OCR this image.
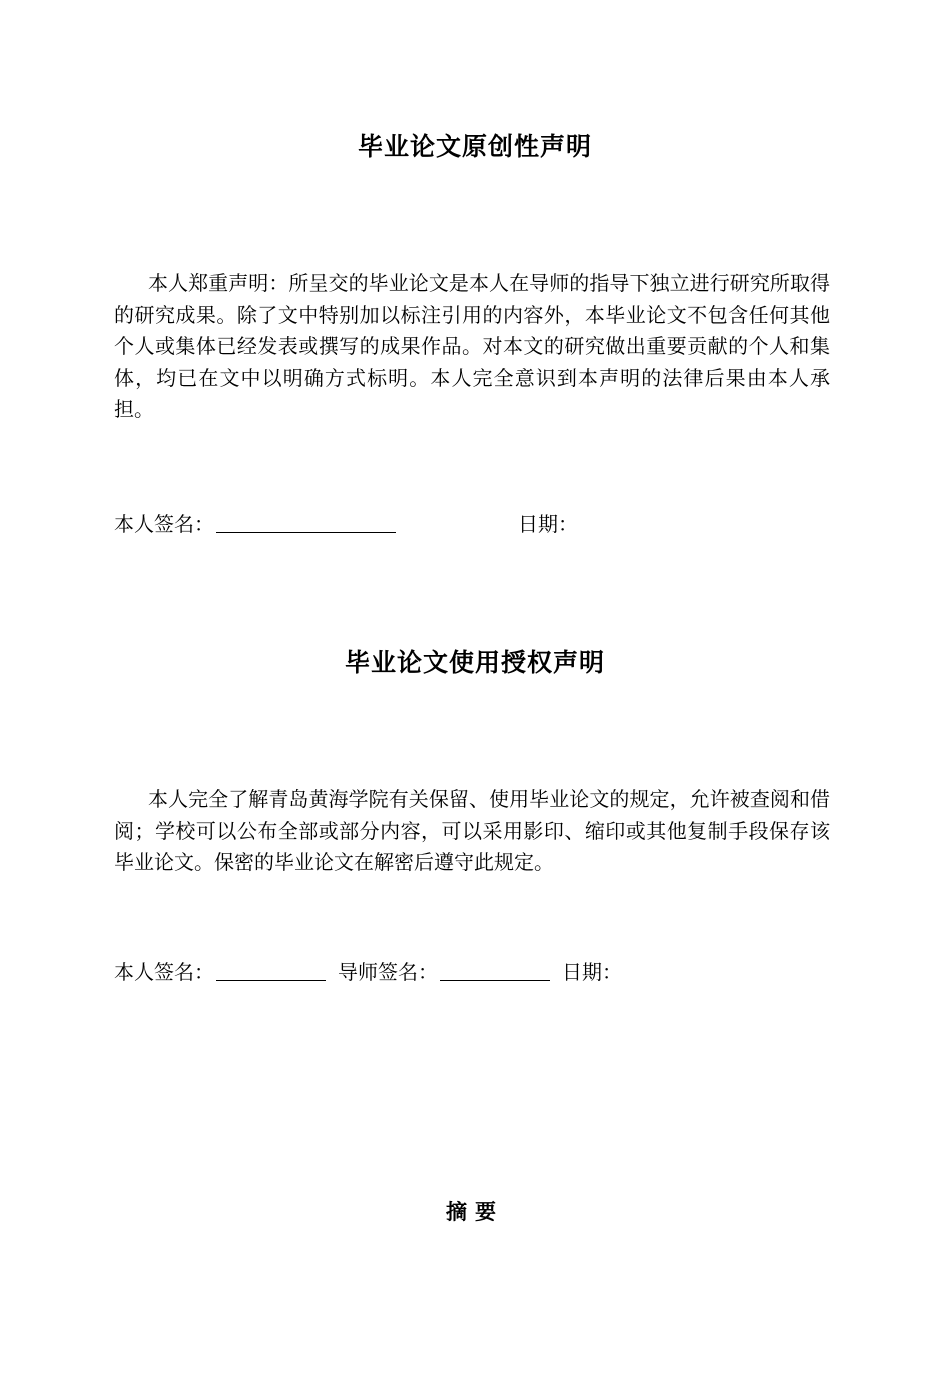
毕业论文原创性声明

本人郑重声明：所呈交的毕业论文是本人在导师的指导下独立进行研究所取得的研究成果。除了文中特别加以标注引用的内容外，本毕业论文不包含任何其他个人或集体已经发表或撰写的成果作品。对本文的研究做出重要贡献的个人和集体，均已在文中以明确方式标明。本人完全意识到本声明的法律后果由本人承担。

本人签名：	日期：
毕业论文使用授权声明

本人完全了解青岛黄海学院有关保留、使用毕业论文的规定，允许被查阅和借阅；学校可以公布全部或部分内容，可以采用影印、缩印或其他复制手段保存该毕业论文。保密的毕业论文在解密后遵守此规定。

本人签名：	导师签名：	日期：
摘要
